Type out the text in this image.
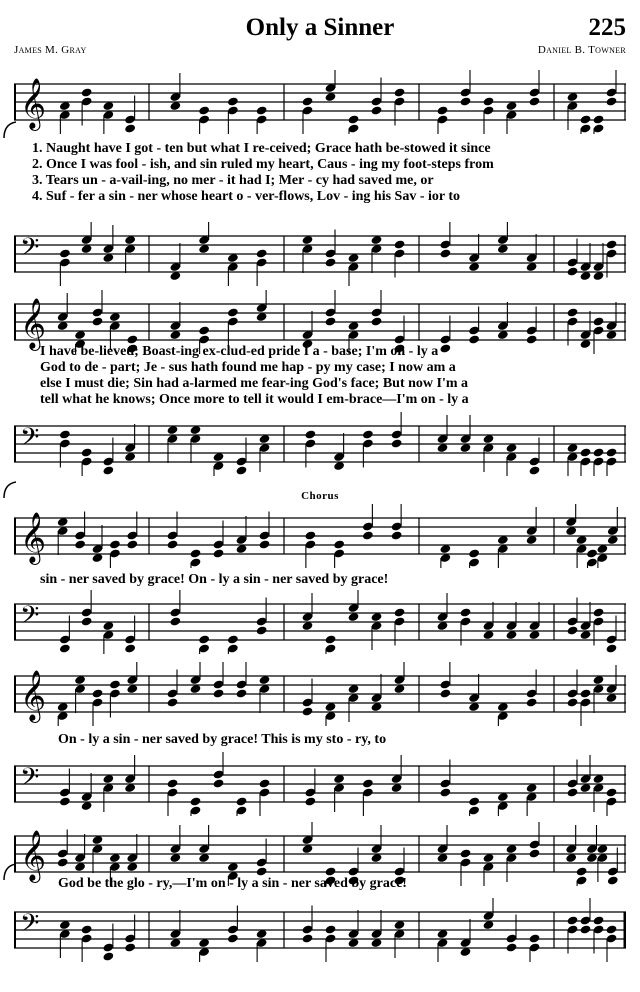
Only a Sinner	225
James M. Gray	Daniel B. Towner
𝄞
1. Naught have I got - ten but what I re-ceived; Grace hath be-stowed it since
2. Once I was fool - ish, and sin ruled my heart, Caus - ing my foot-steps from
3. Tears un - a-vail-ing, no mer - it had I; Mer - cy had saved me, or
4. Suf - fer a sin - ner whose heart o - ver-flows, Lov - ing his Sav - ior to
𝄢
𝄞
I have be-lieved; Boast-ing ex-clud-ed pride I a - base; I'm on - ly a
God to de - part; Je - sus hath found me hap - py my case; I now am a
else I must die; Sin had a-larmed me fear-ing God's face; But now I'm a
tell what he knows; Once more to tell it would I em-brace—I'm on - ly a
𝄢
Chorus
𝄞
sin - ner saved by grace! On - ly a sin - ner saved by grace!
𝄢
𝄞
On - ly a sin - ner saved by grace! This is my sto - ry, to
𝄢
𝄞
God be the glo - ry,—I'm on - ly a sin - ner saved by grace!
𝄢
